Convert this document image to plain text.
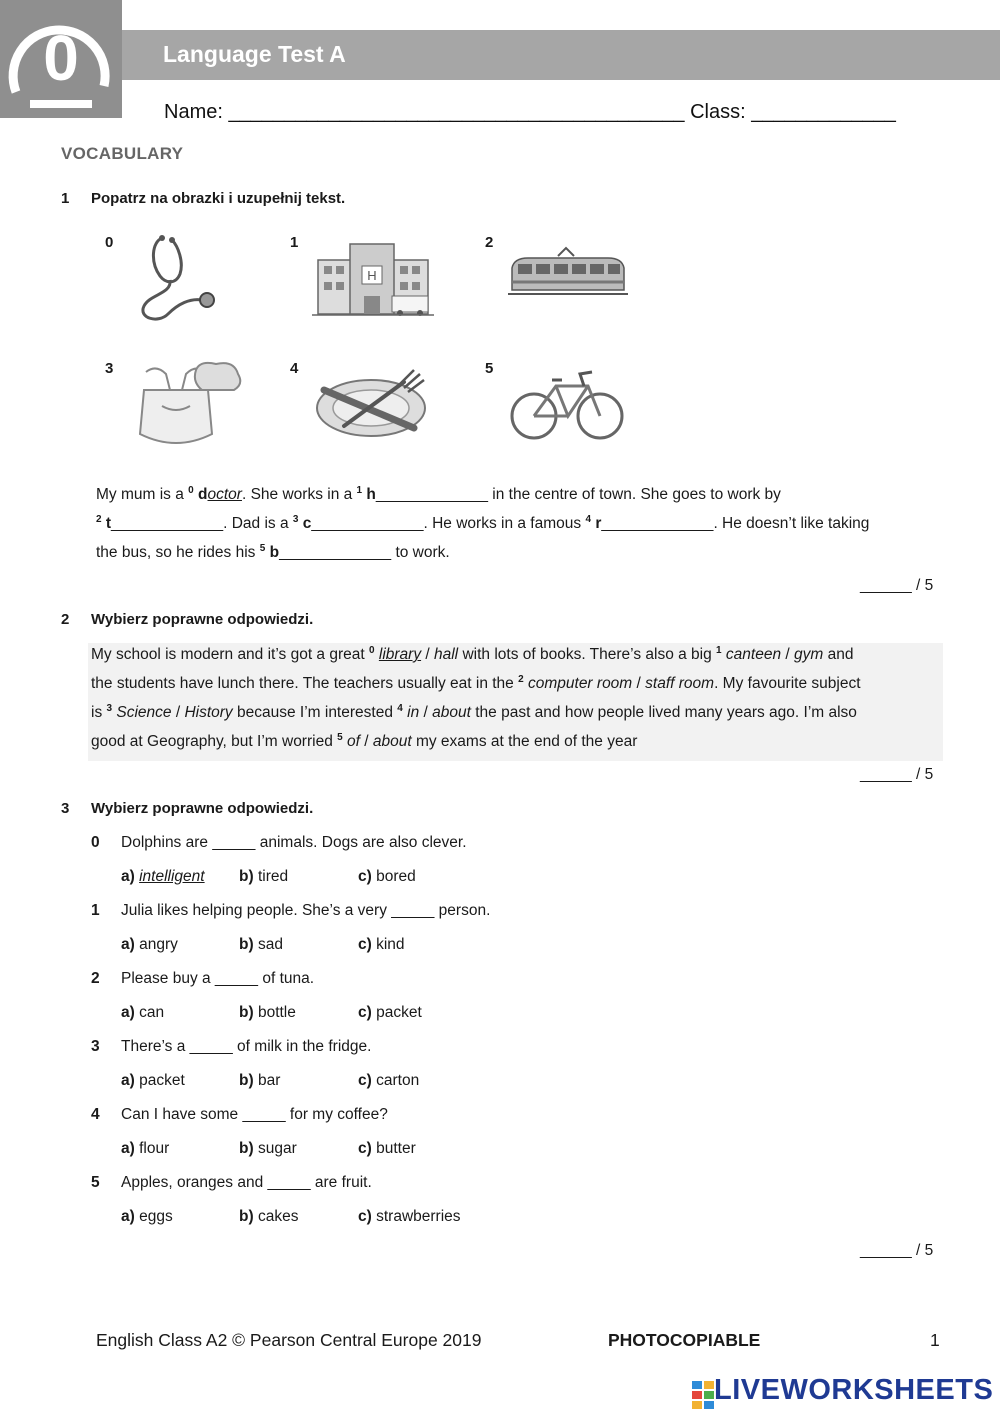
Language Test A
0
Name: _________________________________________ Class: _____________
VOCABULARY
1 Popatrz na obrazki i uzupełnij tekst.
0	1
H
2
3	4	5
My mum is a $^0$ doctor. She works in a $^1$ h_____________ in the centre of town. She goes to work by
$^2$ t_____________. Dad is a $^3$ c_____________. He works in a famous $^4$ r_____________. He doesn’t like taking
the bus, so he rides his $^5$ b_____________ to work.
______ / 5
2 Wybierz poprawne odpowiedzi.
My school is modern and it’s got a great $^0$ library / hall with lots of books. There’s also a big $^1$ canteen / gym and
the students have lunch there. The teachers usually eat in the $^2$ computer room / staff room. My favourite subject
is $^3$ Science / History because I’m interested $^4$ in / about the past and how people lived many years ago. I’m also
good at Geography, but I’m worried $^5$ of / about my exams at the end of the year
______ / 5
3 Wybierz poprawne odpowiedzi.
0 Dolphins are _____ animals. Dogs are also clever.
a) intelligent b) tired	c) bored
1 Julia likes helping people. She’s a very _____ person.
a) angry	b) sad	c) kind
2 Please buy a _____ of tuna.
a) can	b) bottle	c) packet
3 There’s a _____ of milk in the fridge.
a) packet	b) bar	c) carton
4 Can I have some _____ for my coffee?
a) flour	b) sugar	c) butter
5 Apples, oranges and _____ are fruit.
a) eggs	b) cakes	c) strawberries
______ / 5
English Class A2 © Pearson Central Europe 2019	PHOTOCOPIABLE	1
LIVEWORKSHEETS
